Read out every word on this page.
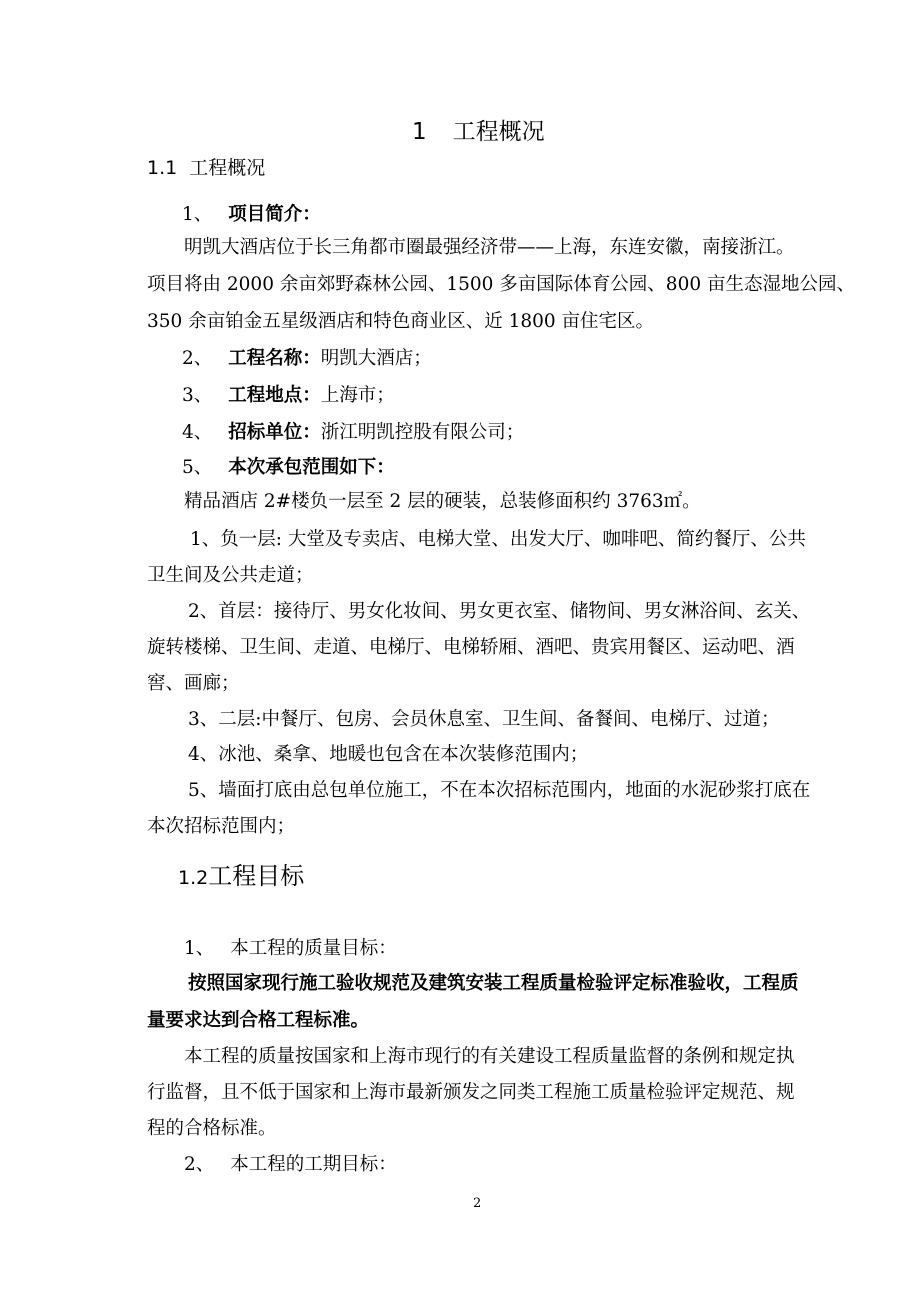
1 工程概况
1.1 工程概况
1、 项目简介：
明凯大酒店位于长三角都市圈最强经济带——上海，东连安徽，南接浙江。
项目将由 2000 余亩郊野森林公园、1500 多亩国际体育公园、800 亩生态湿地公园、
350 余亩铂金五星级酒店和特色商业区、近 1800 亩住宅区。
2、 工程名称：明凯大酒店；
3、 工程地点：上海市；
4、 招标单位：浙江明凯控股有限公司；
5、 本次承包范围如下：
精品酒店 2#楼负一层至 2 层的硬装，总装修面积约 3763㎡。
1、负一层: 大堂及专卖店、电梯大堂、出发大厅、咖啡吧、简约餐厅、公共
卫生间及公共走道；
2、首层：接待厅、男女化妆间、男女更衣室、储物间、男女淋浴间、玄关、
旋转楼梯、卫生间、走道、电梯厅、电梯轿厢、酒吧、贵宾用餐区、运动吧、酒
窖、画廊；
3、二层:中餐厅、包房、会员休息室、卫生间、备餐间、电梯厅、过道；
4、冰池、桑拿、地暖也包含在本次装修范围内；
5、墙面打底由总包单位施工，不在本次招标范围内，地面的水泥砂浆打底在
本次招标范围内；
1.2工程目标
1、 本工程的质量目标：
按照国家现行施工验收规范及建筑安装工程质量检验评定标准验收，工程质
量要求达到合格工程标准。
本工程的质量按国家和上海市现行的有关建设工程质量监督的条例和规定执
行监督，且不低于国家和上海市最新颁发之同类工程施工质量检验评定规范、规
程的合格标准。
2、 本工程的工期目标：
2
